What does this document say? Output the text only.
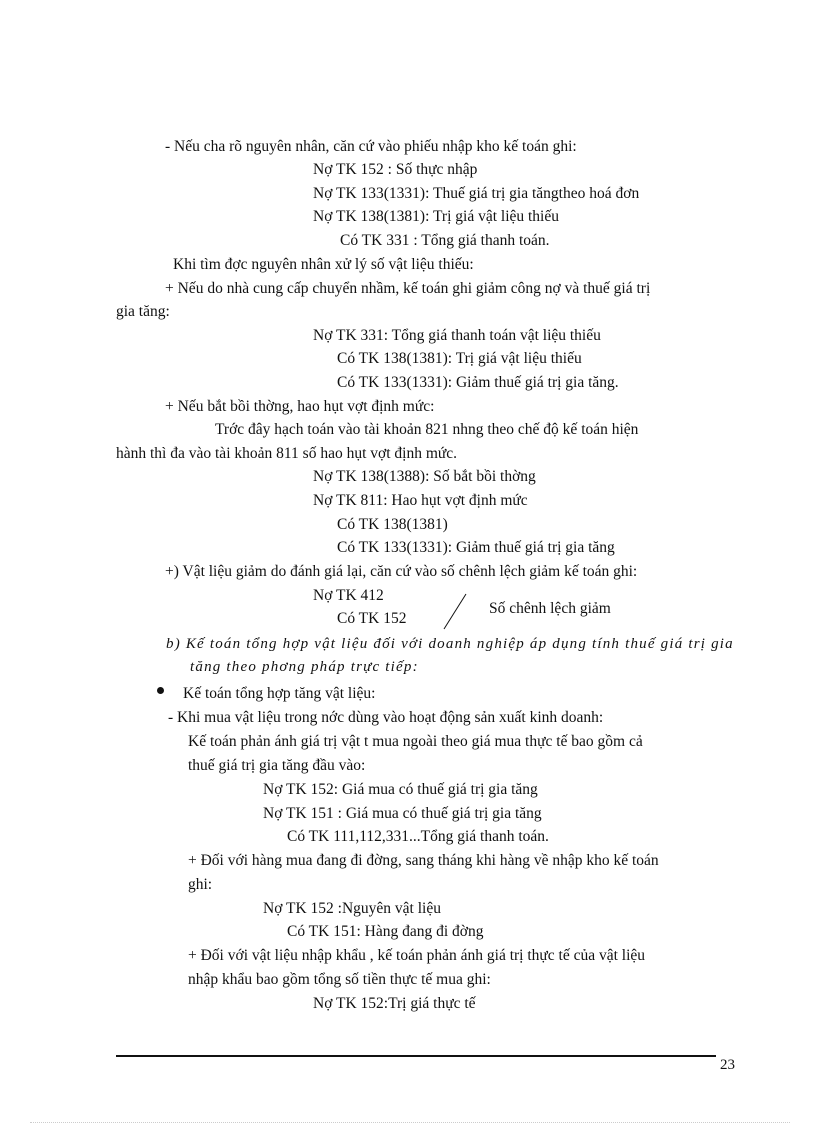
- Nếu cha rõ nguyên nhân, căn cứ vào phiếu nhập kho kế toán ghi:
Nợ TK 152 : Số thực nhập
Nợ TK 133(1331): Thuế giá trị gia tăngtheo hoá đơn
Nợ TK 138(1381): Trị giá vật liệu thiếu
Có TK 331 : Tổng giá thanh toán.
Khi tìm đợc nguyên nhân xử lý số vật liệu thiếu:
+ Nếu do nhà cung cấp chuyển nhầm, kế toán ghi giảm công nợ và thuế giá trị
gia tăng:
Nợ TK 331: Tổng giá thanh toán vật liệu thiếu
Có TK 138(1381): Trị giá vật liệu thiếu
Có TK 133(1331): Giảm thuế giá trị gia tăng.
+ Nếu bắt bồi thờng, hao hụt vợt định mức:
Trớc đây hạch toán vào tài khoản 821 nhng theo chế độ kế toán hiện
hành thì đa vào tài khoản 811 số hao hụt vợt định mức.
Nợ TK 138(1388): Số bắt bồi thờng
Nợ TK 811: Hao hụt vợt định mức
Có TK 138(1381)
Có TK 133(1331): Giảm thuế giá trị gia tăng
+) Vật liệu giảm do đánh giá lại, căn cứ vào số chênh lệch giảm kế toán ghi:
Nợ TK 412
Có TK 152
Số chênh lệch giảm
b) Kế toán tổng hợp vật liệu đối với doanh nghiệp áp dụng tính thuế giá trị gia
tăng theo phơng pháp trực tiếp:
Kế toán tổng hợp tăng vật liệu:
- Khi mua vật liệu trong nớc dùng vào hoạt động sản xuất kinh doanh:
Kế toán phản ánh giá trị vật t mua ngoài theo giá mua thực tế bao gồm cả
thuế giá trị gia tăng đầu vào:
Nợ TK 152: Giá mua có thuế giá trị gia tăng
Nợ TK 151 : Giá mua có thuế giá trị gia tăng
Có TK 111,112,331...Tổng giá thanh toán.
+ Đối với hàng mua đang đi đờng, sang tháng khi hàng về nhập kho kế toán
ghi:
Nợ TK 152 :Nguyên vật liệu
Có TK 151: Hàng đang đi đờng
+ Đối với vật liệu nhập khẩu , kế toán phản ánh giá trị thực tế của vật liệu
nhập khẩu bao gồm tổng số tiền thực tế mua ghi:
Nợ TK 152:Trị giá thực tế
23
